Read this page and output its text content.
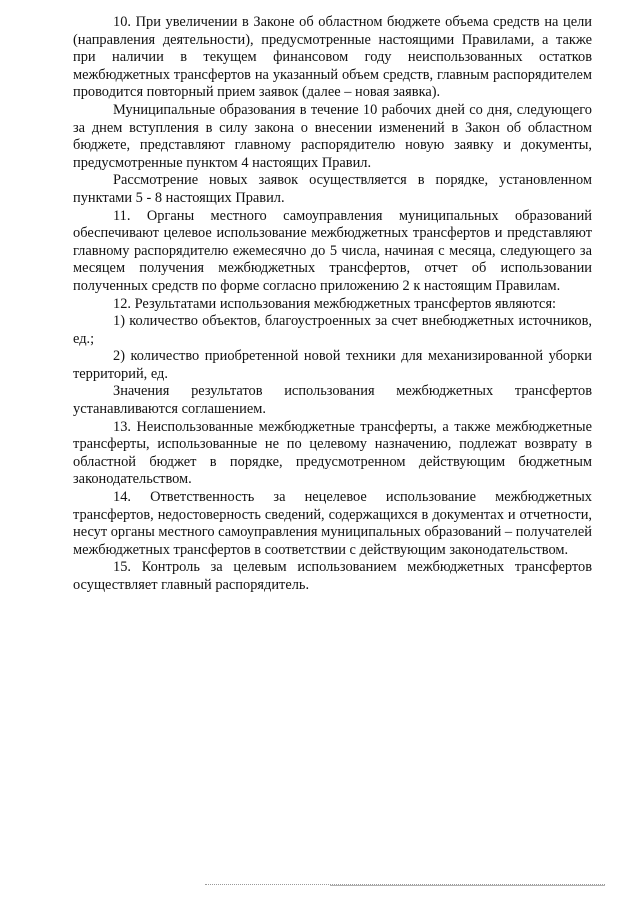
10. При увеличении в Законе об областном бюджете объема средств на цели (направления деятельности), предусмотренные настоящими Правилами, а также при наличии в текущем финансовом году неиспользованных остатков межбюджетных трансфертов на указанный объем средств, главным распорядителем проводится повторный прием заявок (далее – новая заявка).

Муниципальные образования в течение 10 рабочих дней со дня, следующего за днем вступления в силу закона о внесении изменений в Закон об областном бюджете, представляют главному распорядителю новую заявку и документы, предусмотренные пунктом 4 настоящих Правил.

Рассмотрение новых заявок осуществляется в порядке, установленном пунктами 5 - 8 настоящих Правил.

11. Органы местного самоуправления муниципальных образований обеспечивают целевое использование межбюджетных трансфертов и представляют главному распорядителю ежемесячно до 5 числа, начиная с месяца, следующего за месяцем получения межбюджетных трансфертов, отчет об использовании полученных средств по форме согласно приложению 2 к настоящим Правилам.

12. Результатами использования межбюджетных трансфертов являются:

1) количество объектов, благоустроенных за счет внебюджетных источников, ед.;

2) количество приобретенной новой техники для механизированной уборки территорий, ед.

Значения результатов использования межбюджетных трансфертов устанавливаются соглашением.

13. Неиспользованные межбюджетные трансферты, а также межбюджетные трансферты, использованные не по целевому назначению, подлежат возврату в областной бюджет в порядке, предусмотренном действующим бюджетным законодательством.

14. Ответственность за нецелевое использование межбюджетных трансфертов, недостоверность сведений, содержащихся в документах и отчетности, несут органы местного самоуправления муниципальных образований – получателей межбюджетных трансфертов в соответствии с действующим законодательством.

15. Контроль за целевым использованием межбюджетных трансфертов осуществляет главный распорядитель.
